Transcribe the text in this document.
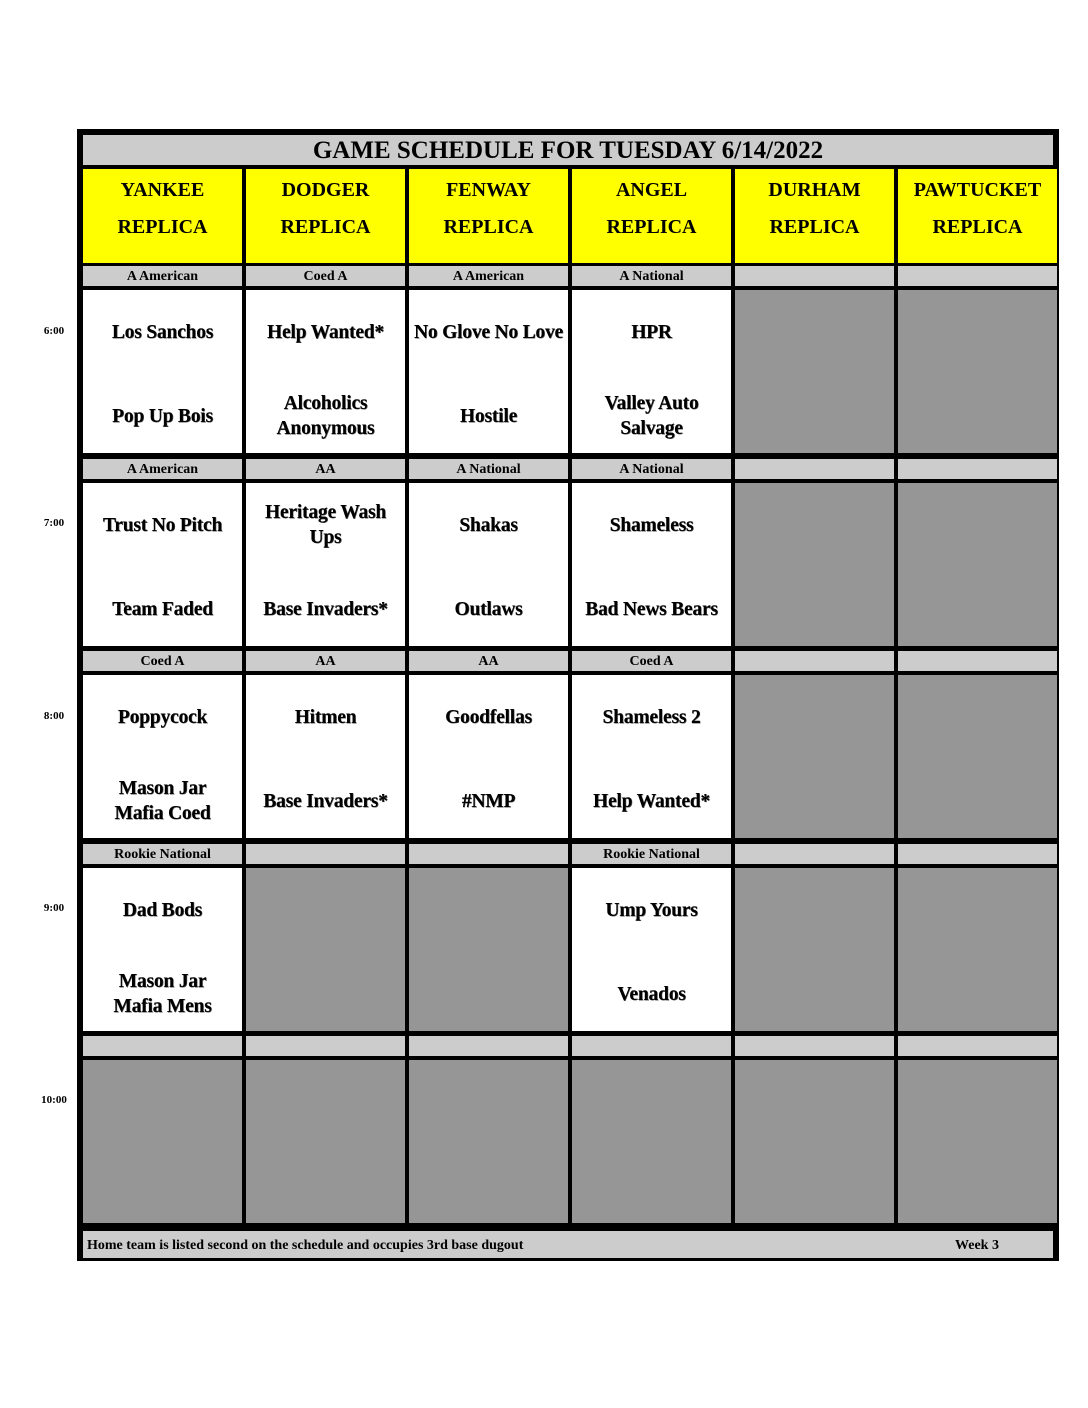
6:00
7:00
8:00
9:00
10:00
GAME SCHEDULE FOR TUESDAY 6/14/2022
YANKEE
REPLICA
DODGER
REPLICA
FENWAY
REPLICA
ANGEL
REPLICA
DURHAM
REPLICA
PAWTUCKET
REPLICA
A American
Los Sanchos
Pop Up Bois
Coed A
Help Wanted*
Alcoholics Anonymous
A American
No Glove No Love
Hostile
A National
HPR
Valley Auto Salvage
A American
Trust No Pitch
Team Faded
AA
Heritage Wash Ups
Base Invaders*
A National
Shakas
Outlaws
A National
Shameless
Bad News Bears
Coed A
Poppycock
Mason Jar Mafia Coed
AA
Hitmen
Base Invaders*
AA
Goodfellas
#NMP
Coed A
Shameless 2
Help Wanted*
Rookie National
Dad Bods
Mason Jar Mafia Mens
Rookie National
Ump Yours
Venados
Home team is listed second on the schedule and occupies 3rd base dugout	Week 3
